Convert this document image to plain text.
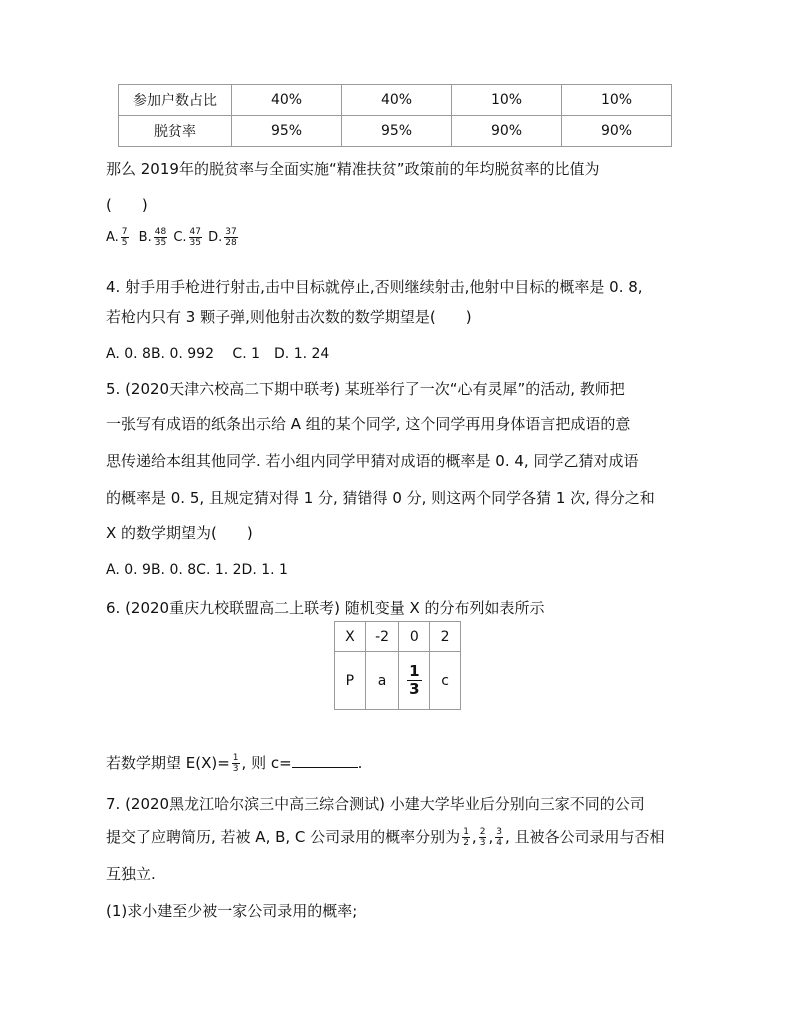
参加户数占比	40%	40%	10%	10%
脱贫率	95%	95%	90%	90%
那么 2019年的脱贫率与全面实施“精准扶贫”政策前的年均脱贫率的比值为
(　　)
A. $\frac{7}{5} B$. $\frac{48}{35} C$. $\frac{47}{35} D$. $\frac{37}{28}$
4. 射手用手枪进行射击,击中目标就停止,否则继续射击,他射中目标的概率是 0. 8,
若枪内只有 3 颗子弹,则他射击次数的数学期望是(　　)
A. 0. 8B. 0. 992　 C. 1　D. 1. 24
5. (2020天津六校高二下期中联考) 某班举行了一次“心有灵犀”的活动, 教师把
一张写有成语的纸条出示给 A 组的某个同学, 这个同学再用身体语言把成语的意
思传递给本组其他同学. 若小组内同学甲猜对成语的概率是 0. 4, 同学乙猜对成语
的概率是 0. 5, 且规定猜对得 1 分, 猜错得 0 分, 则这两个同学各猜 1 次, 得分之和
X 的数学期望为(　　)
A. 0. 9B. 0. 8C. 1. 2D. 1. 1
6. (2020重庆九校联盟高二上联考) 随机变量 X 的分布列如表所示
X	-2	0	2
P	a	$\frac{1}{3}$	c
若数学期望 $E(X)= \frac{1}{3}$ , 则 c=	.
7. (2020黑龙江哈尔滨三中高三综合测试) 小建大学毕业后分别向三家不同的公司
提交了应聘简历, 若被 A, B, C 公司录用的概率分别为 $\frac{1}{2}$ , $\frac{2}{3}$ , $\frac{3}{4}$ , 且被各公司录用与否相
互独立.
(1)求小建至少被一家公司录用的概率;
